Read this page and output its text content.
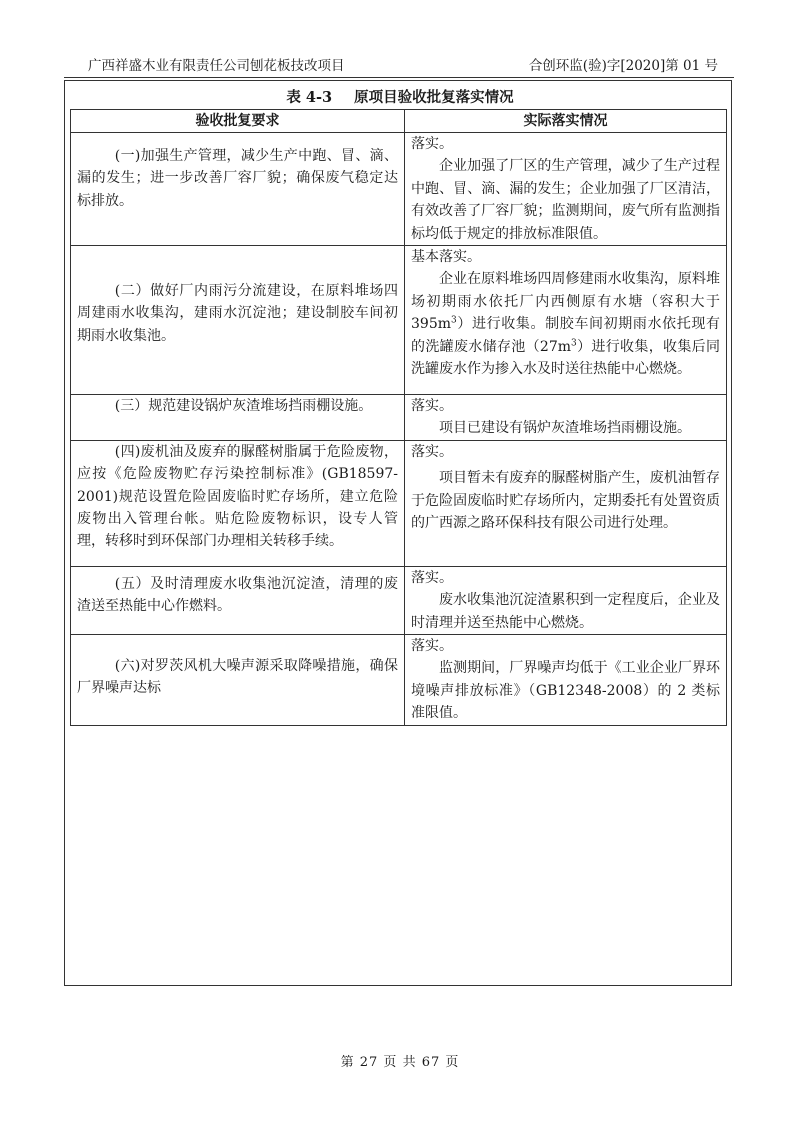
广西祥盛木业有限责任公司刨花板技改项目	合创环监(验)字[2020]第 01 号
表 4-3 原项目验收批复落实情况
验收批复要求	实际落实情况

(一)加强生产管理，减少生产中跑、冒、滴、漏的发生；进一步改善厂容厂貌；确保废气稳定达标排放。	落实。
企业加强了厂区的生产管理，减少了生产过程中跑、冒、滴、漏的发生；企业加强了厂区清洁，有效改善了厂容厂貌；监测期间，废气所有监测指标均低于规定的排放标准限值。

(二）做好厂内雨污分流建设，在原料堆场四周建雨水收集沟，建雨水沉淀池；建设制胶车间初期雨水收集池。	基本落实。
企业在原料堆场四周修建雨水收集沟，原料堆场初期雨水依托厂内西侧原有水塘（容积大于 $395m^3$）进行收集。制胶车间初期雨水依托现有的洗罐废水储存池$(27m^3)$进行收集，收集后同洗罐废水作为掺入水及时送往热能中心燃烧。

(三）规范建设锅炉灰渣堆场挡雨棚设施。	落实。
项目已建设有锅炉灰渣堆场挡雨棚设施。

(四)废机油及废弃的脲醛树脂属于危险废物，应按《危险废物贮存污染控制标准》(GB18597-2001)规范设置危险固废临时贮存场所，建立危险废物出入管理台帐。贴危险废物标识，设专人管理，转移时到环保部门办理相关转移手续。	落实。
项目暂未有废弃的脲醛树脂产生，废机油暂存于危险固废临时贮存场所内，定期委托有处置资质的广西源之路环保科技有限公司进行处理。

(五）及时清理废水收集池沉淀渣，清理的废渣送至热能中心作燃料。	落实。
废水收集池沉淀渣累积到一定程度后，企业及时清理并送至热能中心燃烧。

(六)对罗茨风机大噪声源采取降噪措施，确保厂界噪声达标	落实。
监测期间，厂界噪声均低于《工业企业厂界环境噪声排放标准》（GB12348-2008）的 2 类标准限值。
第 27 页 共 67 页
